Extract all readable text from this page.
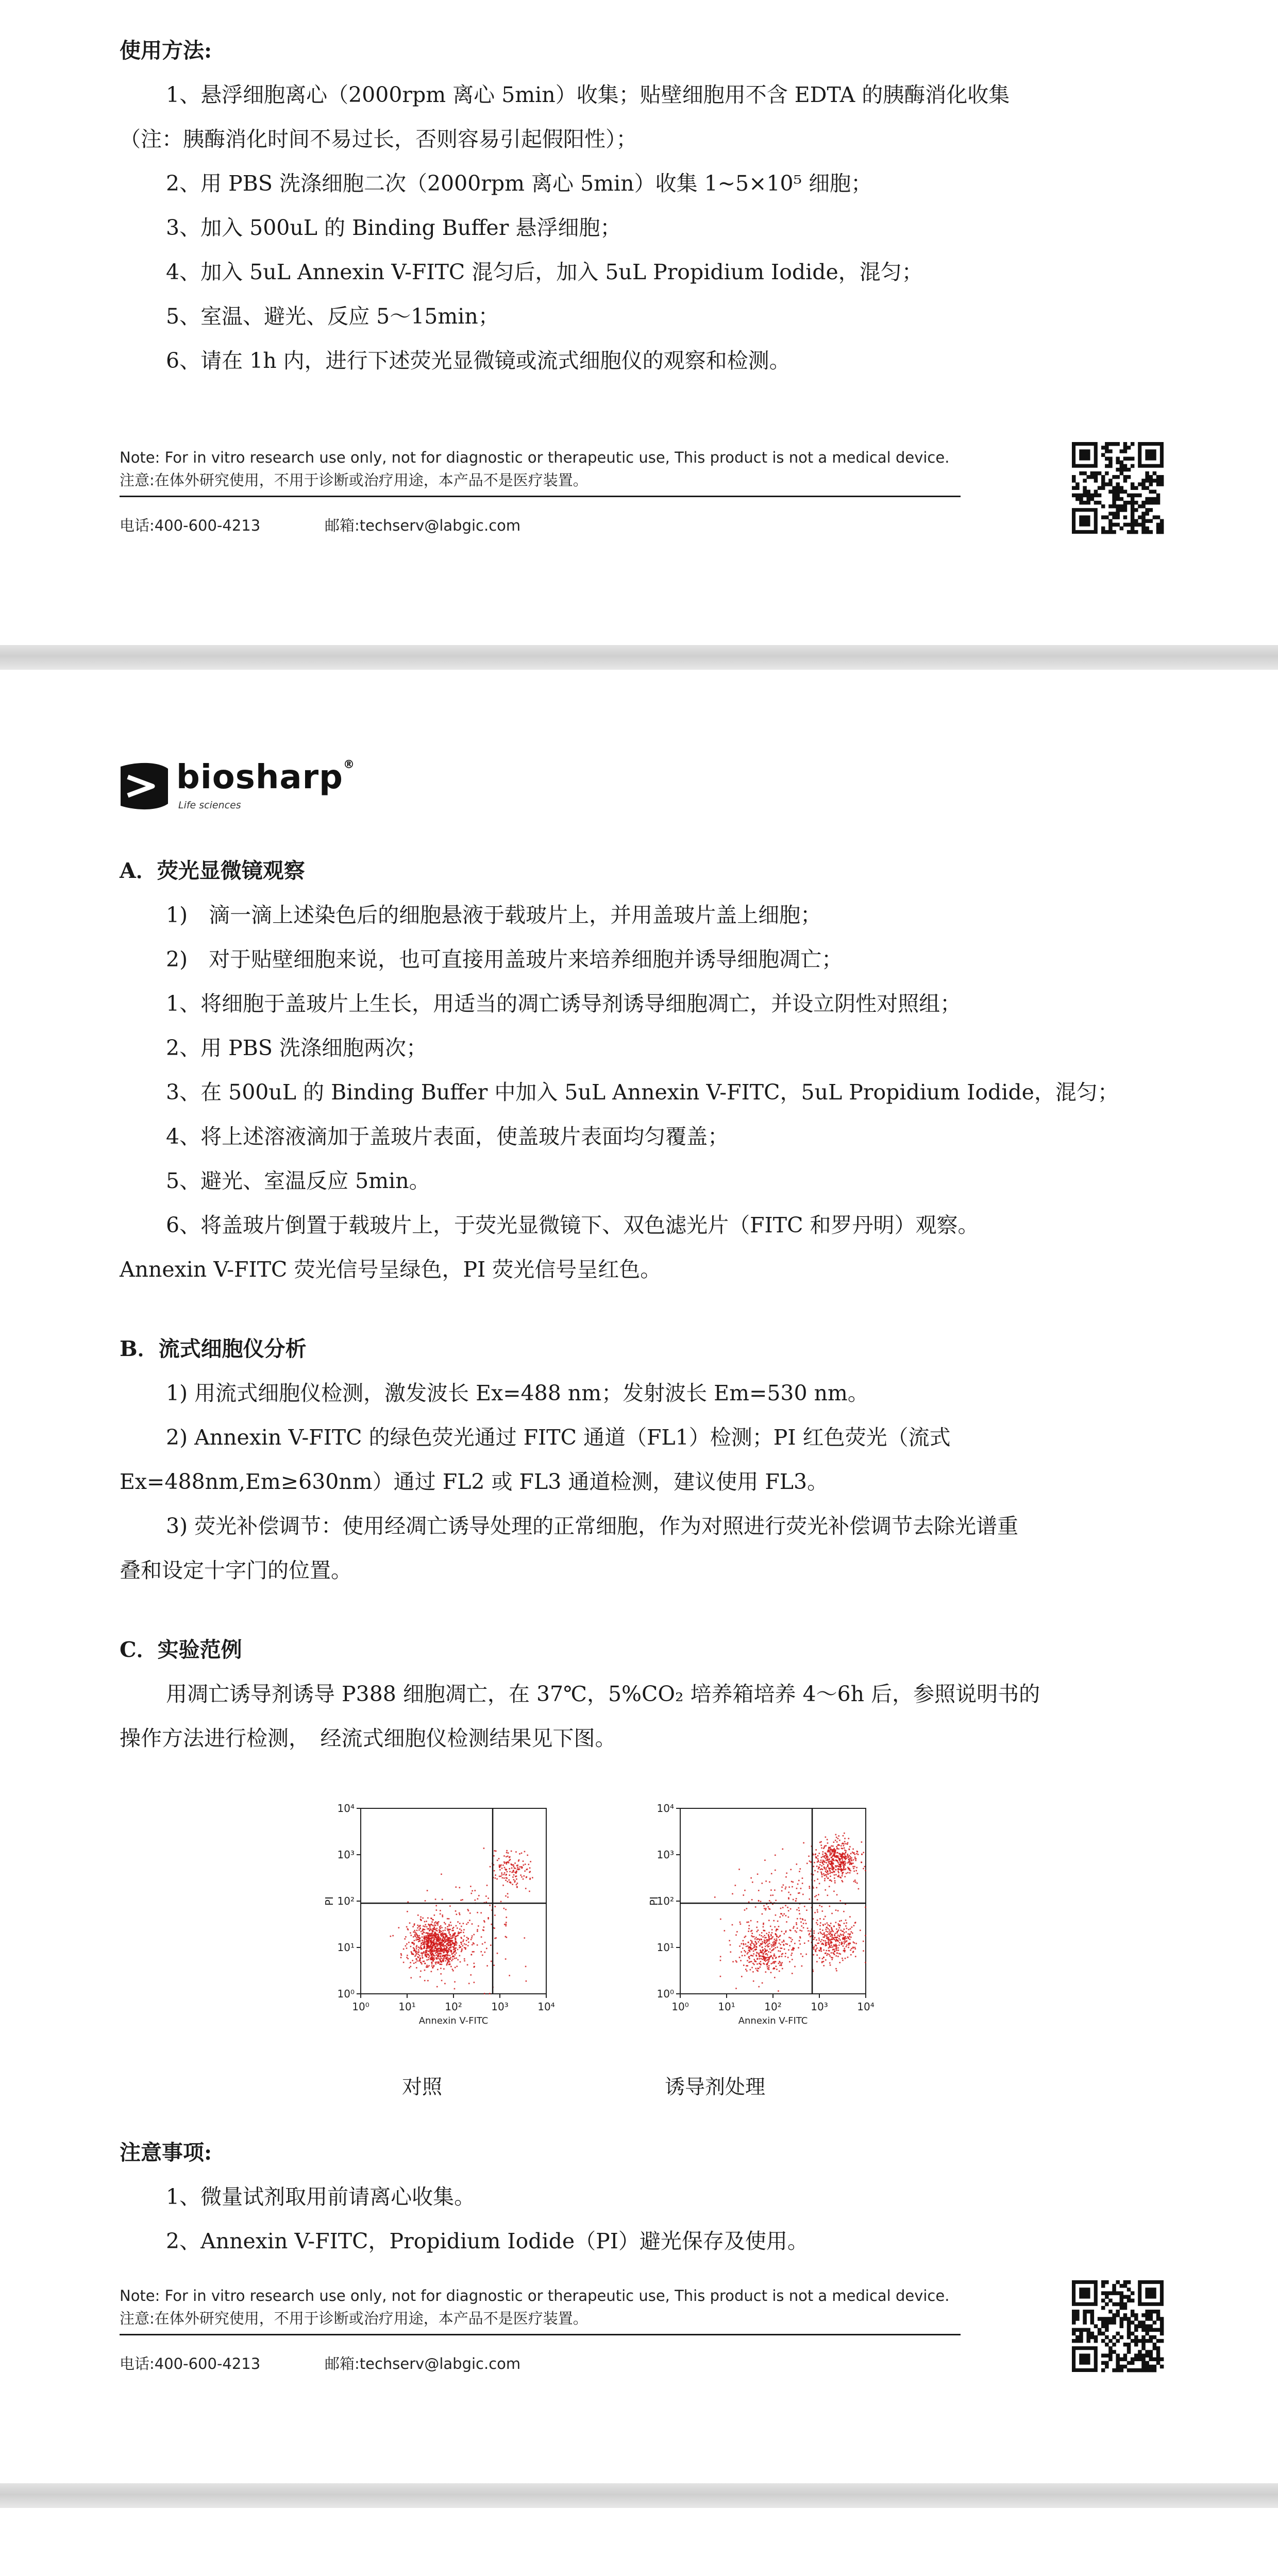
使用方法:
1、悬浮细胞离心（2000rpm 离心 5min）收集；贴壁细胞用不含 EDTA 的胰酶消化收集
（注：胰酶消化时间不易过长，否则容易引起假阳性）；
2、用 PBS 洗涤细胞二次（2000rpm 离心 5min）收集 1~5×10⁵ 细胞；
3、加入 500uL 的 Binding Buffer 悬浮细胞；
4、加入 5uL Annexin V-FITC 混匀后，加入 5uL Propidium Iodide，混匀；
5、室温、避光、反应 5～15min；
6、请在 1h 内，进行下述荧光显微镜或流式细胞仪的观察和检测。
Note: For in vitro research use only, not for diagnostic or therapeutic use, This product is not a medical device.
注意:在体外研究使用，不用于诊断或治疗用途，本产品不是医疗装置。
电话:400-600-4213	邮箱:techserv@labgic.com
biosharp®
Life sciences
A．荧光显微镜观察
1)　滴一滴上述染色后的细胞悬液于载玻片上，并用盖玻片盖上细胞；
2)　对于贴壁细胞来说，也可直接用盖玻片来培养细胞并诱导细胞凋亡；
1、将细胞于盖玻片上生长，用适当的凋亡诱导剂诱导细胞凋亡，并设立阴性对照组；
2、用 PBS 洗涤细胞两次；
3、在 500uL 的 Binding Buffer 中加入 5uL Annexin V-FITC，5uL Propidium Iodide，混匀；
4、将上述溶液滴加于盖玻片表面，使盖玻片表面均匀覆盖；
5、避光、室温反应 5min。
6、将盖玻片倒置于载玻片上，于荧光显微镜下、双色滤光片（FITC 和罗丹明）观察。
Annexin V-FITC 荧光信号呈绿色，PI 荧光信号呈红色。
B．流式细胞仪分析
1) 用流式细胞仪检测，激发波长 Ex=488 nm；发射波长 Em=530 nm。
2) Annexin V-FITC 的绿色荧光通过 FITC 通道（FL1）检测；PI 红色荧光（流式
Ex=488nm,Em≥630nm）通过 FL2 或 FL3 通道检测，建议使用 FL3。
3) 荧光补偿调节：使用经凋亡诱导处理的正常细胞，作为对照进行荧光补偿调节去除光谱重
叠和设定十字门的位置。
C．实验范例
用凋亡诱导剂诱导 P388 细胞凋亡，在 37℃，5%CO₂ 培养箱培养 4～6h 后，参照说明书的
操作方法进行检测，　经流式细胞仪检测结果见下图。
10⁰	10¹	10²	10³	10⁴
10⁰
10¹
10²
10³
10⁴
Annexin V-FITC
PI
10⁰	10¹	10²	10³	10⁴
10⁰
10¹
10²
10³
10⁴
Annexin V-FITC
PI
对照	诱导剂处理
注意事项:
1、微量试剂取用前请离心收集。
2、Annexin V-FITC，Propidium Iodide（PI）避光保存及使用。
Note: For in vitro research use only, not for diagnostic or therapeutic use, This product is not a medical device.
注意:在体外研究使用，不用于诊断或治疗用途，本产品不是医疗装置。
电话:400-600-4213	邮箱:techserv@labgic.com
